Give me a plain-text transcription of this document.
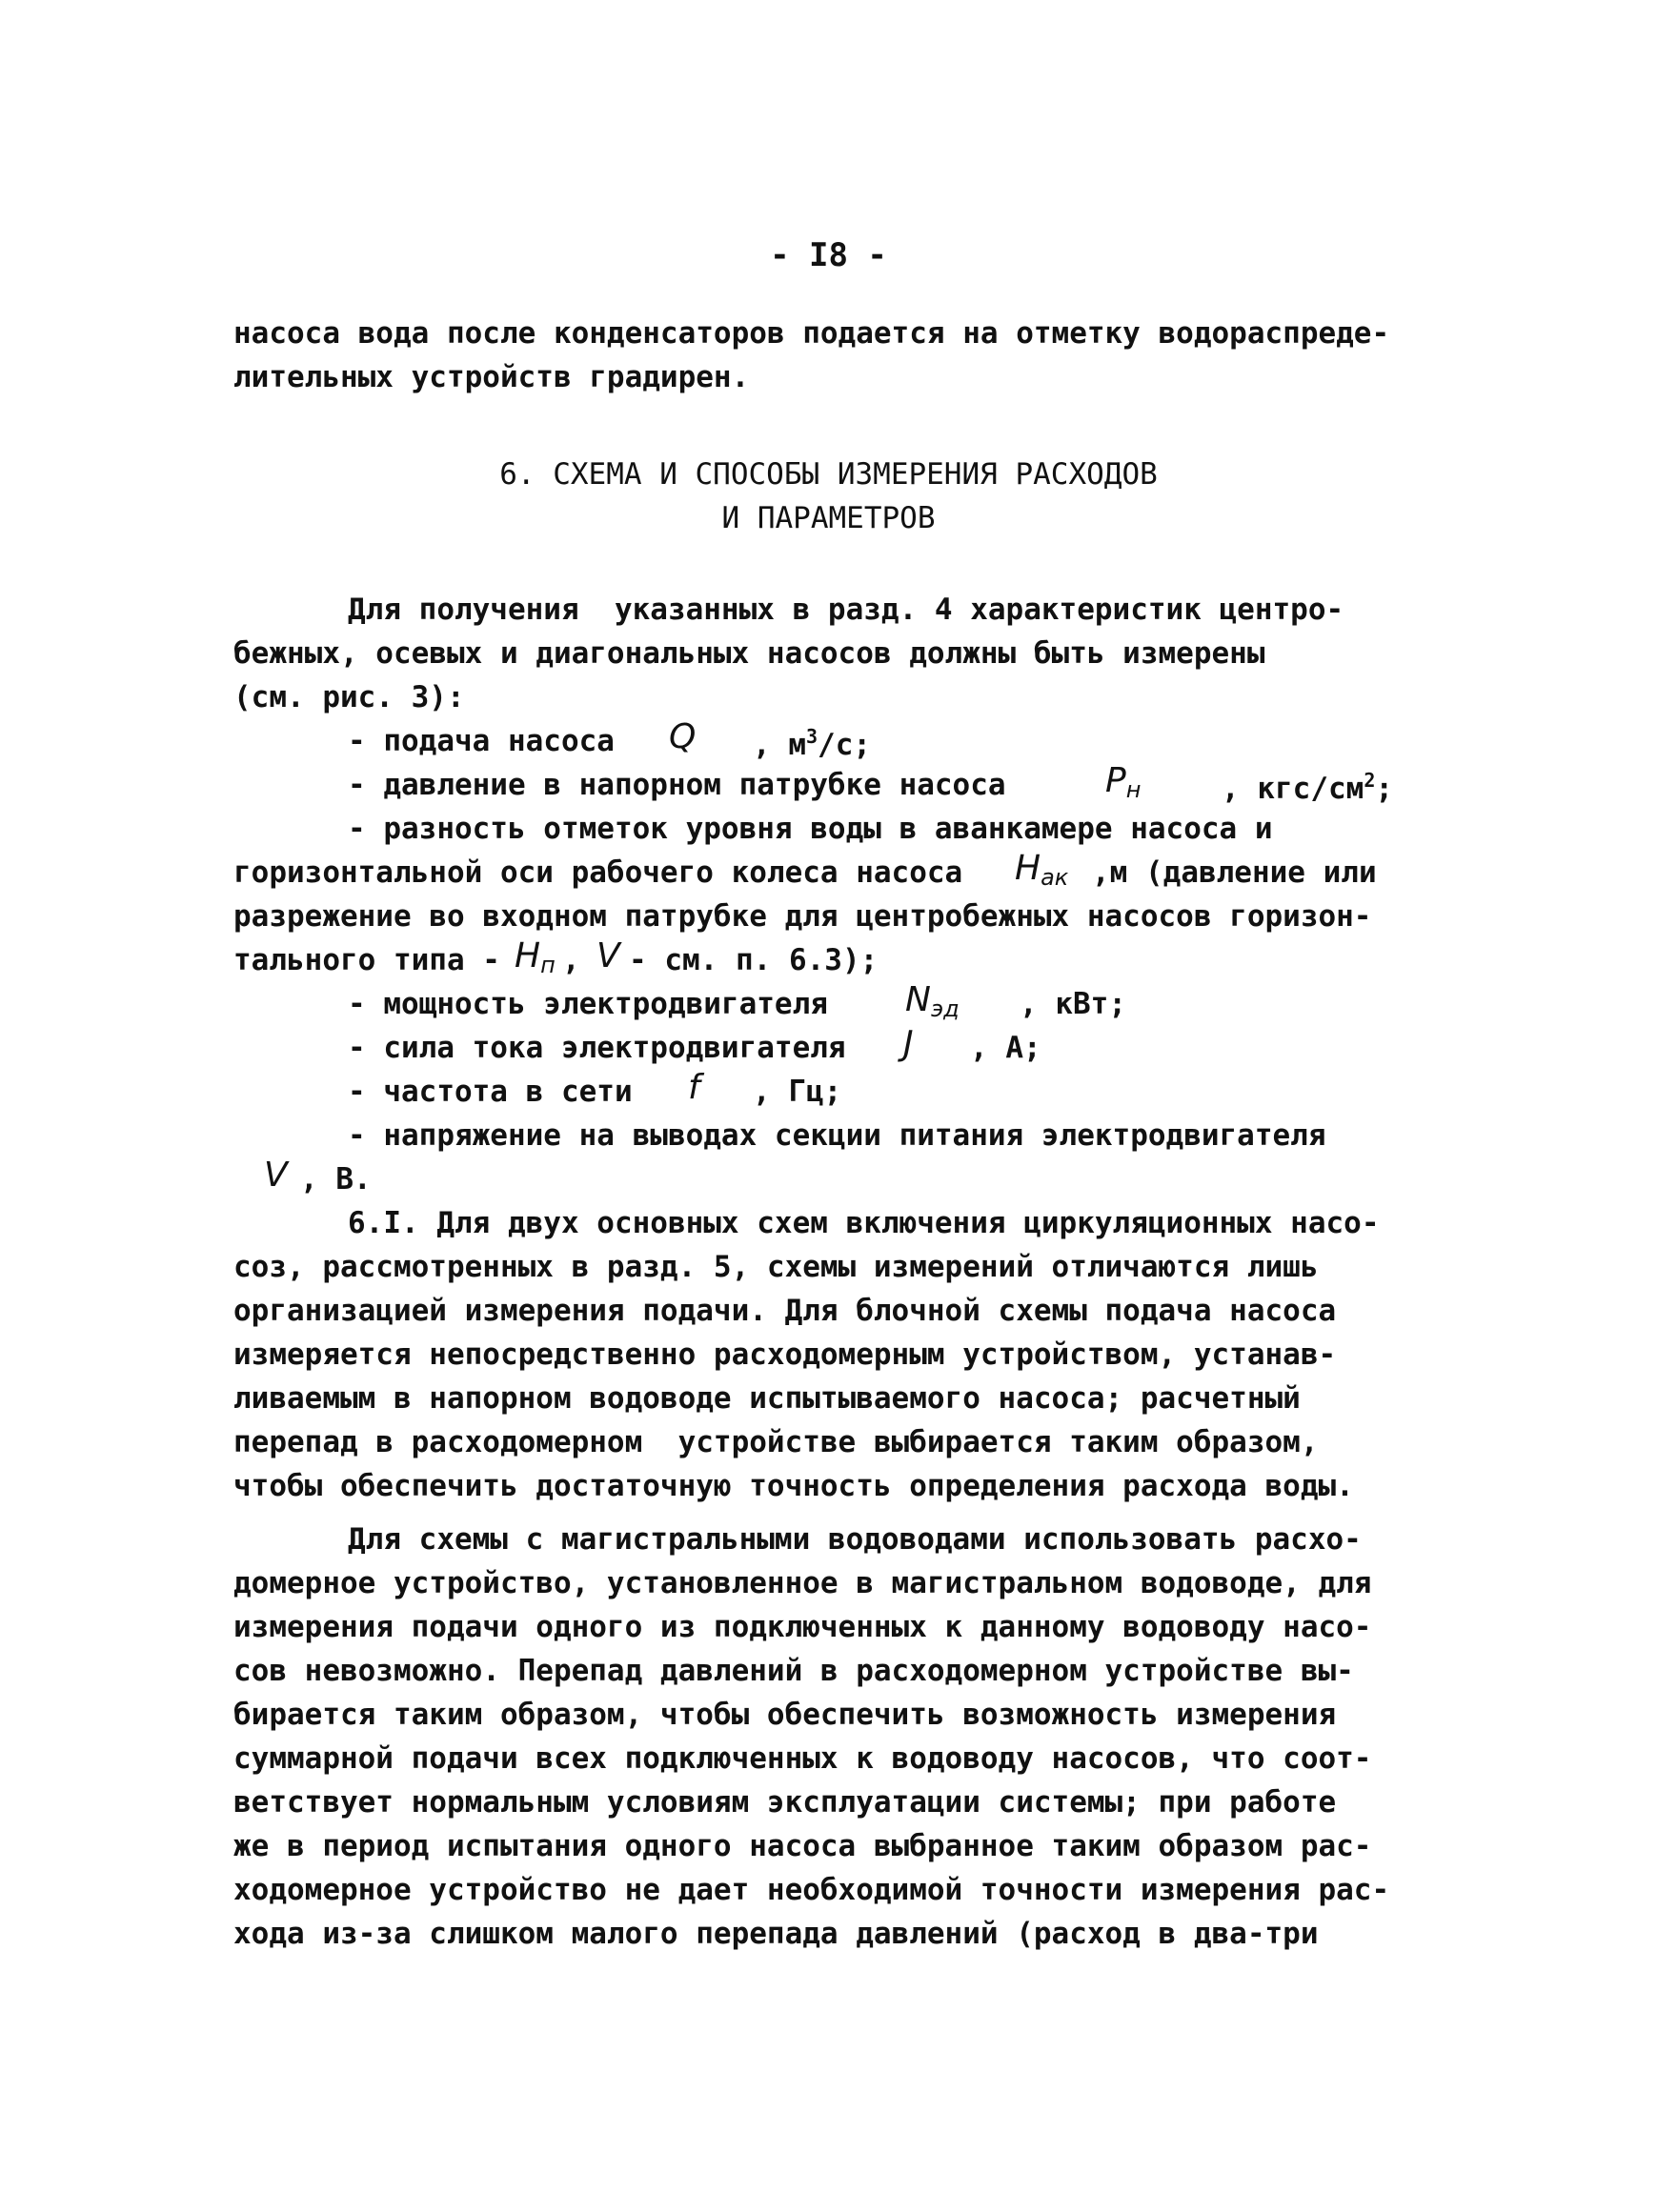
- I8 -
насоса вода после конденсаторов подается на отметку водораспреде-
лительных устройств градирен.
6. СХЕМА И СПОСОБЫ ИЗМЕРЕНИЯ РАСХОДОВ
И ПАРАМЕТРОВ
Для получения  указанных в разд. 4 характеристик центро-
бежных, осевых и диагональных насосов должны быть измерены
(см. рис. 3):
- подача насоса Q , $м^3/с$;
- давление в напорном патрубке насоса	$P_н$	, кгс/$см^2$;
- разность отметок уровня воды в аванкамере насоса и
горизонтальной оси рабочего колеса насоса $H_{ак}$ ,м (давление или
разрежение во входном патрубке для центробежных насосов горизон-
тального типа - $H_п$ , V - см. п. 6.3);
- мощность электродвигателя $N_{эд}$ , кВт;
- сила тока электродвигателя J , А;
- частота в сети f , Гц;
- напряжение на выводах секции питания электродвигателя
V , В.
6.I. Для двух основных схем включения циркуляционных насо-
соз, рассмотренных в разд. 5, схемы измерений отличаются лишь
организацией измерения подачи. Для блочной схемы подача насоса
измеряется непосредственно расходомерным устройством, устанав-
ливаемым в напорном водоводе испытываемого насоса; расчетный
перепад в расходомерном  устройстве выбирается таким образом,
чтобы обеспечить достаточную точность определения расхода воды.
Для схемы с магистральными водоводами использовать расхо-
домерное устройство, установленное в магистральном водоводе, для
измерения подачи одного из подключенных к данному водоводу насо-
сов невозможно. Перепад давлений в расходомерном устройстве вы-
бирается таким образом, чтобы обеспечить возможность измерения
суммарной подачи всех подключенных к водоводу насосов, что соот-
ветствует нормальным условиям эксплуатации системы; при работе
же в период испытания одного насоса выбранное таким образом рас-
ходомерное устройство не дает необходимой точности измерения рас-
хода из-за слишком малого перепада давлений (расход в два-три
